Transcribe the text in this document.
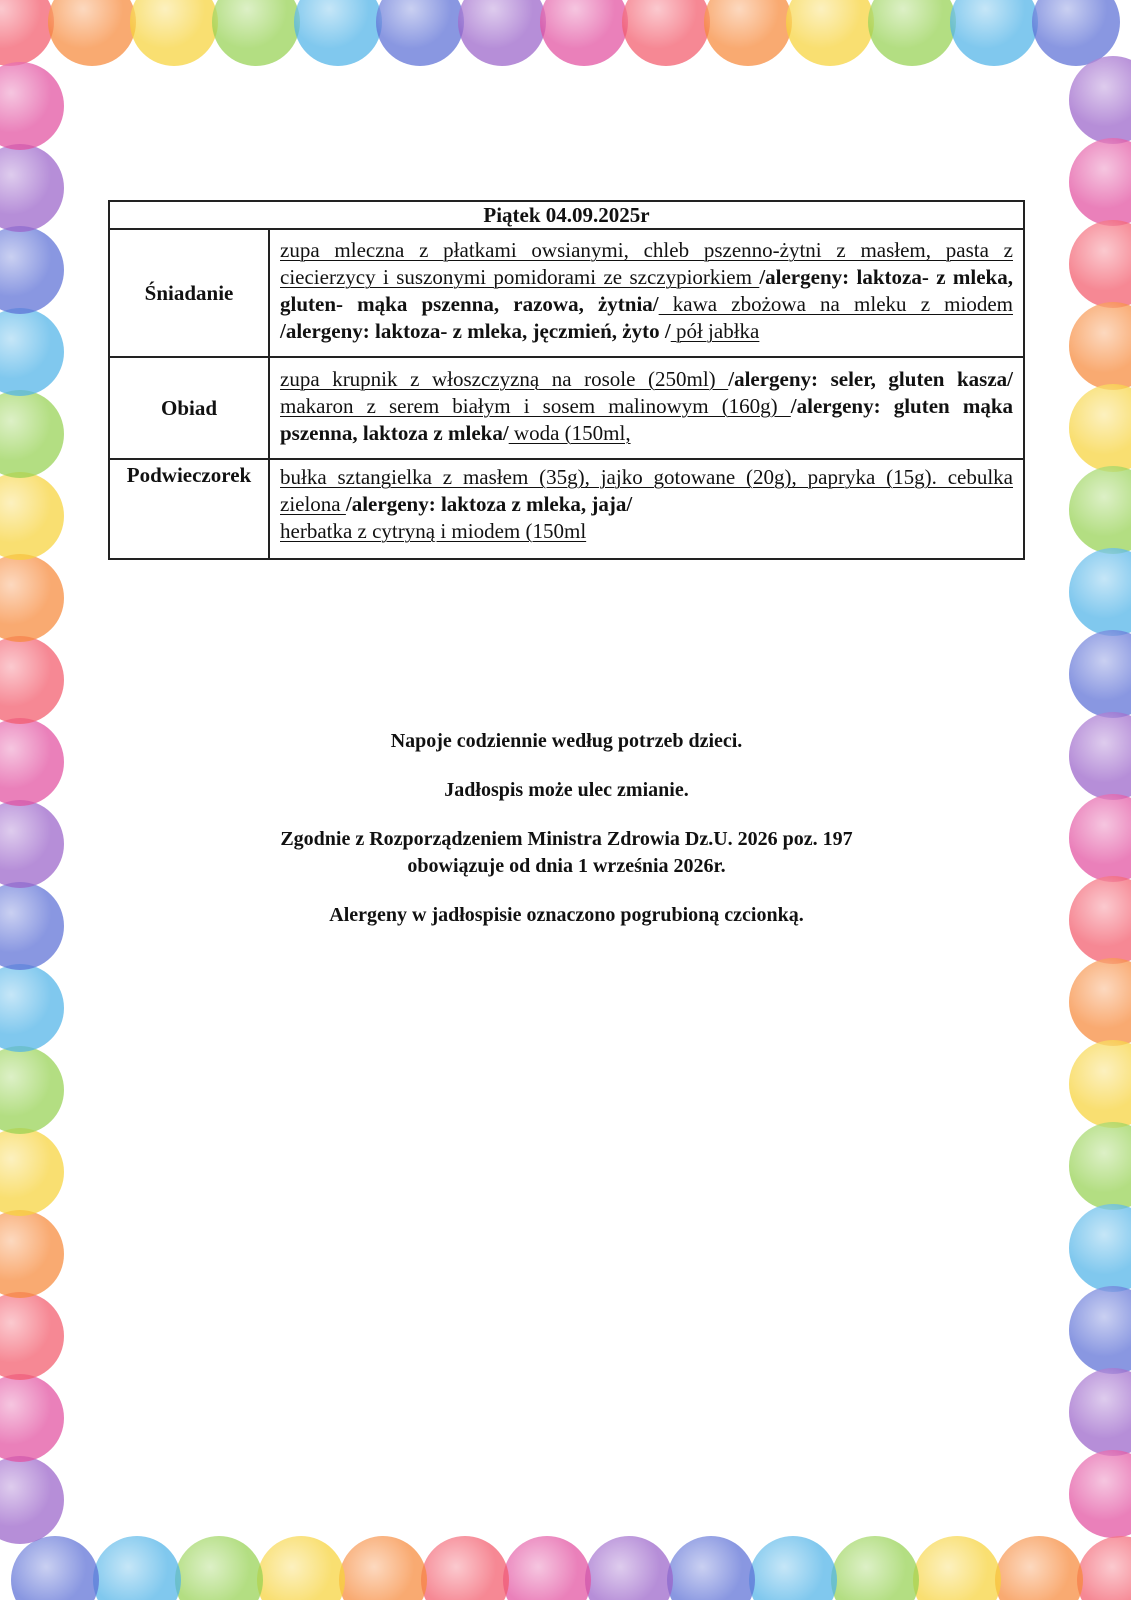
Piątek 04.09.2025r	
Śniadanie	zupa mleczna z płatkami owsianymi, chleb pszenno-żytni z masłem, pasta z ciecierzycy i suszonymi pomidorami ze szczypiorkiem /alergeny: laktoza- z mleka, gluten- mąka pszenna, razowa, żytnia/ kawa zbożowa na mleku z miodem /alergeny: laktoza- z mleka, jęczmień, żyto / pół jabłka
Obiad	zupa krupnik z włoszczyzną na rosole (250ml) /alergeny: seler, gluten kasza/ makaron z serem białym i sosem malinowym (160g) /alergeny: gluten mąka pszenna, laktoza z mleka/ woda (150ml,
Podwieczorek	bułka sztangielka z masłem (35g), jajko gotowane (20g), papryka (15g). cebulka zielona /alergeny: laktoza z mleka, jaja/
herbatka z cytryną i miodem (150ml

Napoje codziennie według potrzeb dzieci.

Jadłospis może ulec zmianie.

Zgodnie z Rozporządzeniem Ministra Zdrowia Dz.U. 2026 poz. 197

obowiązuje od dnia 1 września 2026r.

Alergeny w jadłospisie oznaczono pogrubioną czcionką.
